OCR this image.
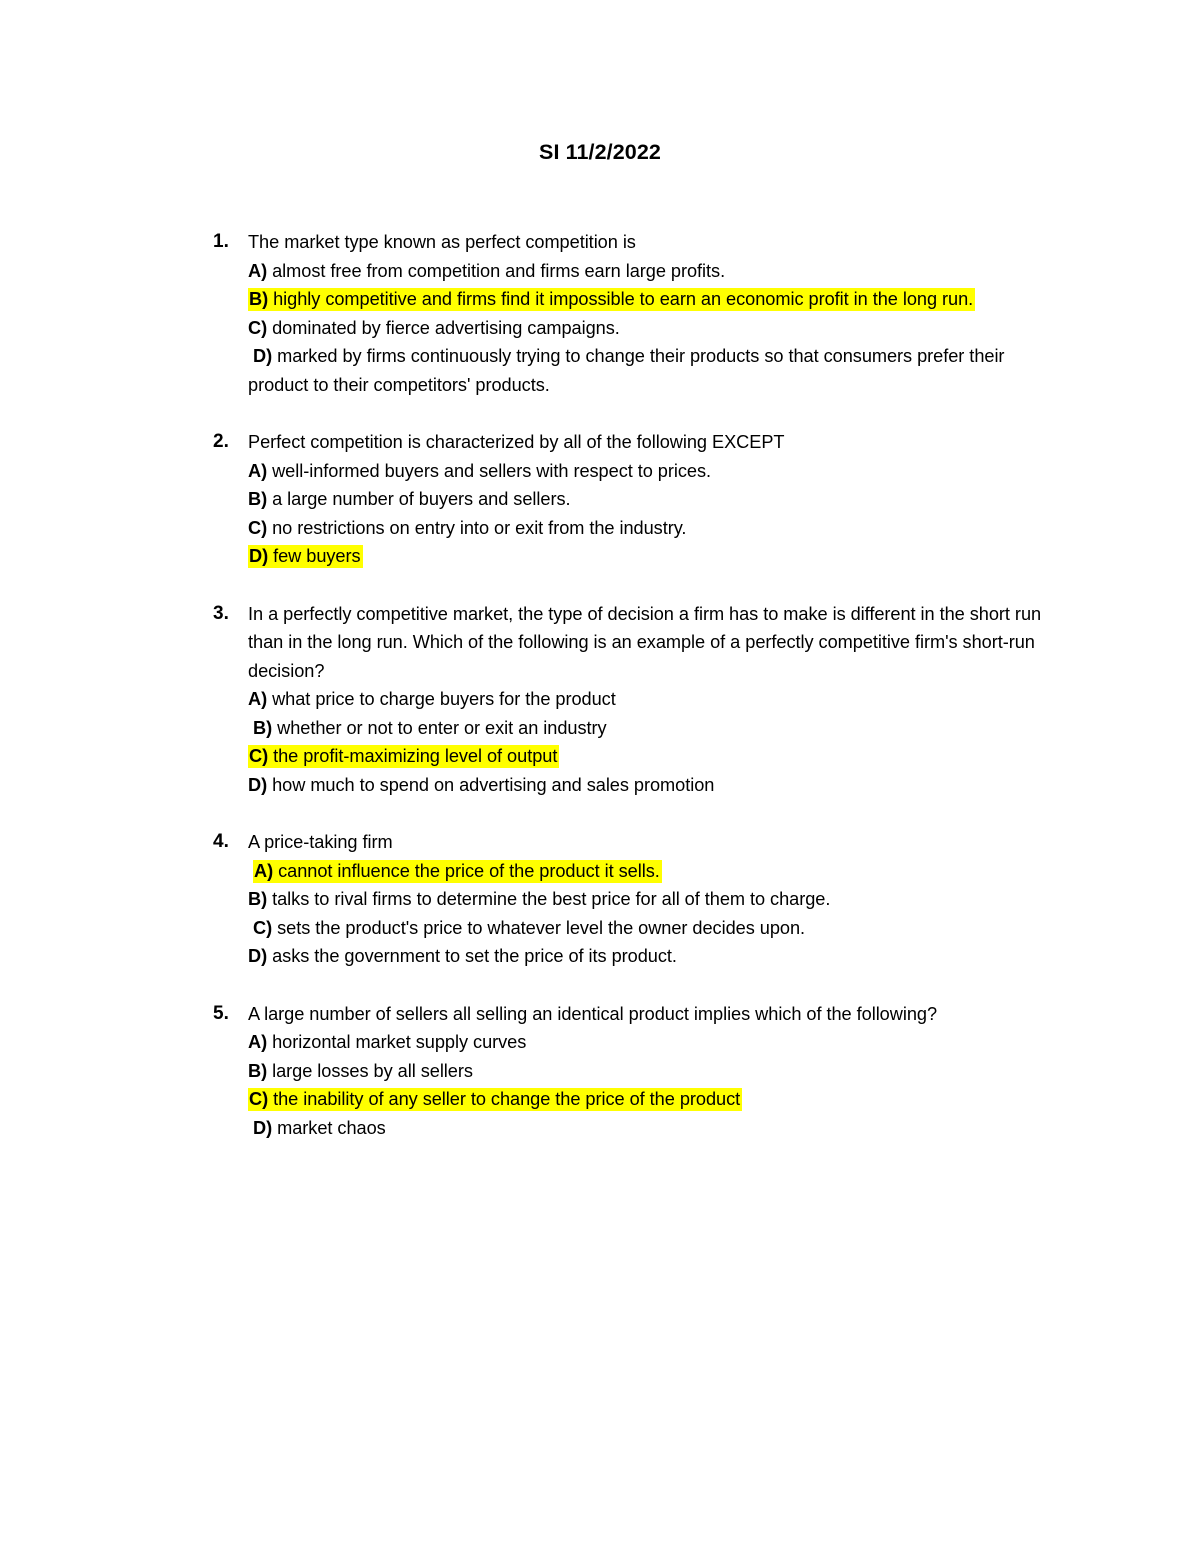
SI 11/2/2022
1.	The market type known as perfect competition is
A) almost free from competition and firms earn large profits.
B) highly competitive and firms find it impossible to earn an economic profit in the long run.
C) dominated by fierce advertising campaigns.
D) marked by firms continuously trying to change their products so that consumers prefer their product to their competitors' products.
2.	Perfect competition is characterized by all of the following EXCEPT
A) well-informed buyers and sellers with respect to prices.
B) a large number of buyers and sellers.
C) no restrictions on entry into or exit from the industry.
D) few buyers
3.	In a perfectly competitive market, the type of decision a firm has to make is different in the short run than in the long run. Which of the following is an example of a perfectly competitive firm's short-run decision?
A) what price to charge buyers for the product
B) whether or not to enter or exit an industry
C) the profit-maximizing level of output
D) how much to spend on advertising and sales promotion
4.	A price-taking firm
A) cannot influence the price of the product it sells.
B) talks to rival firms to determine the best price for all of them to charge.
C) sets the product's price to whatever level the owner decides upon.
D) asks the government to set the price of its product.
5.	A large number of sellers all selling an identical product implies which of the following?
A) horizontal market supply curves
B) large losses by all sellers
C) the inability of any seller to change the price of the product
D) market chaos
